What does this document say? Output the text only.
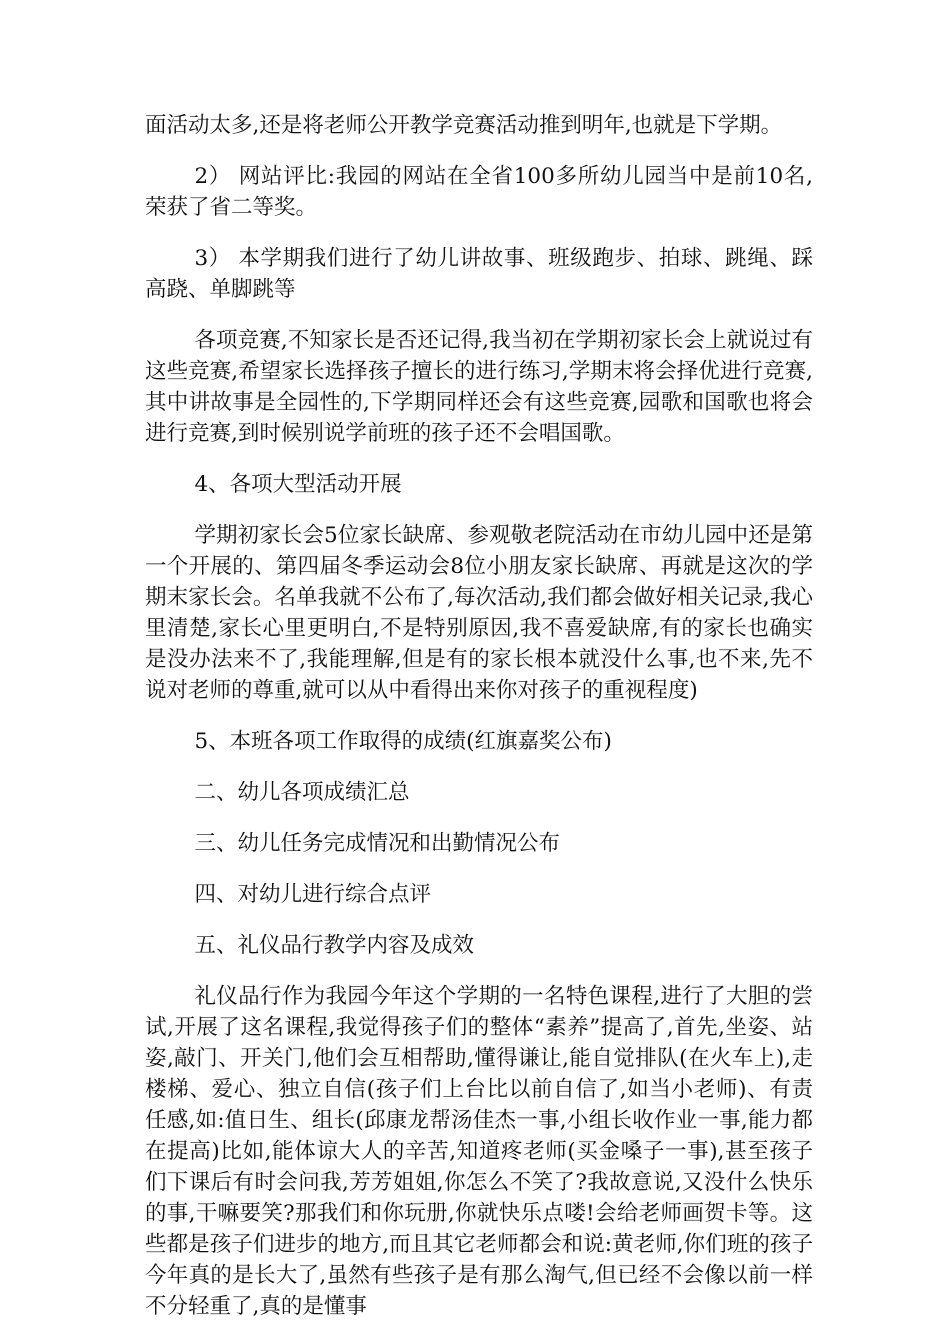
面活动太多,还是将老师公开教学竞赛活动推到明年,也就是下学期。

2） 网站评比:我园的网站在全省100多所幼儿园当中是前10名,荣获了省二等奖。

3） 本学期我们进行了幼儿讲故事、班级跑步、拍球、跳绳、踩高跷、单脚跳等

各项竞赛,不知家长是否还记得,我当初在学期初家长会上就说过有这些竞赛,希望家长选择孩子擅长的进行练习,学期末将会择优进行竞赛,其中讲故事是全园性的,下学期同样还会有这些竞赛,园歌和国歌也将会进行竞赛,到时候别说学前班的孩子还不会唱国歌。

4、各项大型活动开展

学期初家长会5位家长缺席、参观敬老院活动在市幼儿园中还是第一个开展的、第四届冬季运动会8位小朋友家长缺席、再就是这次的学期末家长会。名单我就不公布了,每次活动,我们都会做好相关记录,我心里清楚,家长心里更明白,不是特别原因,我不喜爱缺席,有的家长也确实是没办法来不了,我能理解,但是有的家长根本就没什么事,也不来,先不说对老师的尊重,就可以从中看得出来你对孩子的重视程度)

5、本班各项工作取得的成绩(红旗嘉奖公布)

二、幼儿各项成绩汇总

三、幼儿任务完成情况和出勤情况公布

四、对幼儿进行综合点评

五、礼仪品行教学内容及成效

礼仪品行作为我园今年这个学期的一名特色课程,进行了大胆的尝试,开展了这名课程,我觉得孩子们的整体“素养”提高了,首先,坐姿、站姿,敲门、开关门,他们会互相帮助,懂得谦让,能自觉排队(在火车上),走楼梯、爱心、独立自信(孩子们上台比以前自信了,如当小老师)、有责任感,如:值日生、组长(邱康龙帮汤佳杰一事,小组长收作业一事,能力都在提高)比如,能体谅大人的辛苦,知道疼老师(买金嗓子一事),甚至孩子们下课后有时会问我,芳芳姐姐,你怎么不笑了?我故意说,又没什么快乐的事,干嘛要笑?那我们和你玩册,你就快乐点喽!会给老师画贺卡等。这些都是孩子们进步的地方,而且其它老师都会和说:黄老师,你们班的孩子今年真的是长大了,虽然有些孩子是有那么淘气,但已经不会像以前一样不分轻重了,真的是懂事
